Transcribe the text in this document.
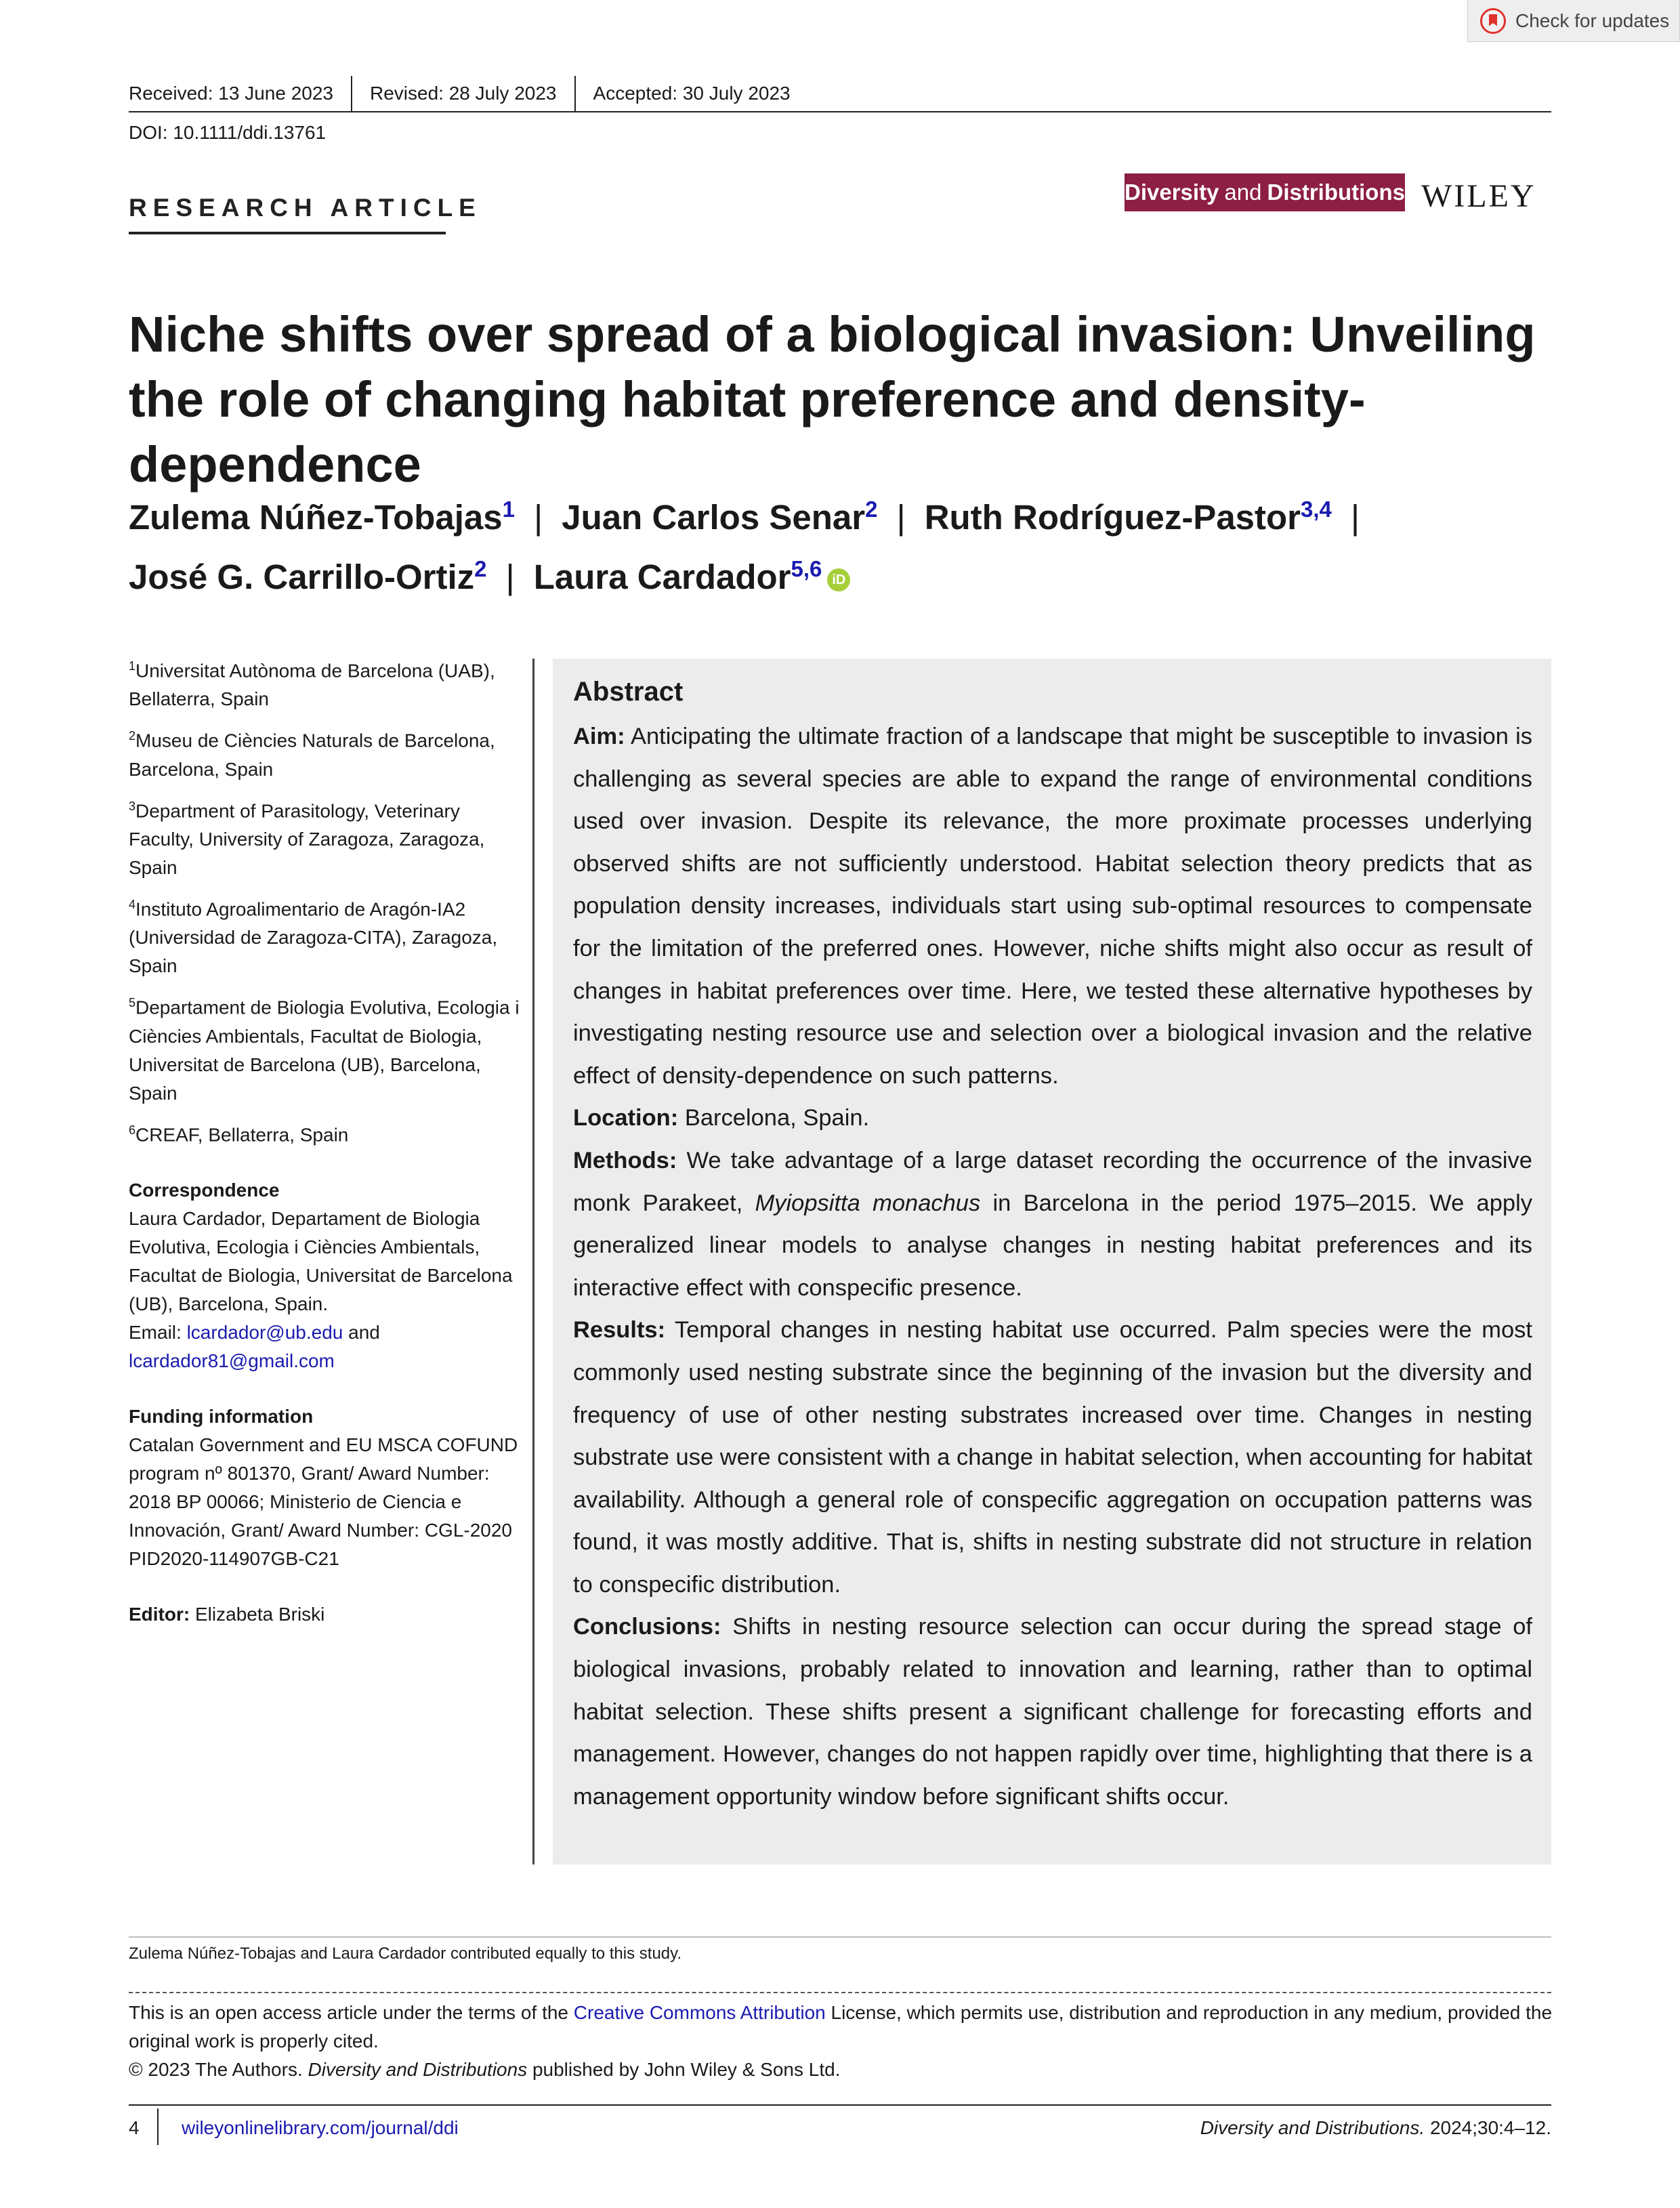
Check for updates
Received: 13 June 2023 Revised: 28 July 2023 Accepted: 30 July 2023
DOI: 10.1111/ddi.13761
RESEARCH ARTICLE
Diversity and Distributions WILEY
Niche shifts over spread of a biological invasion: Unveiling the role of changing habitat preference and density-dependence
Zulema Núñez-Tobajas$^1$ | Juan Carlos Senar$^2$ | Ruth Rodríguez-Pastor$^{3,4}$ |
José G. Carrillo-Ortiz$^2$ | Laura Cardador$^{5,6}$ iD

$^1$Universitat Autònoma de Barcelona (UAB), Bellaterra, Spain

$^2$Museu de Ciències Naturals de Barcelona, Barcelona, Spain

$^3$Department of Parasitology, Veterinary Faculty, University of Zaragoza, Zaragoza, Spain

$^4$Instituto Agroalimentario de Aragón-IA2 (Universidad de Zaragoza-CITA), Zaragoza, Spain

$^5$Departament de Biologia Evolutiva, Ecologia i Ciències Ambientals, Facultat de Biologia, Universitat de Barcelona (UB), Barcelona, Spain

$^6$CREAF, Bellaterra, Spain

Correspondence

Laura Cardador, Departament de Biologia Evolutiva, Ecologia i Ciències Ambientals, Facultat de Biologia, Universitat de Barcelona (UB), Barcelona, Spain.
Email: lcardador@ub.edu and
lcardador81@gmail.com

Funding information

Catalan Government and EU MSCA COFUND program nº 801370, Grant/ Award Number: 2018 BP 00066; Ministerio de Ciencia e Innovación, Grant/ Award Number: CGL-2020 PID2020-114907GB-C21

Editor: Elizabeta Briski

Abstract

Aim: Anticipating the ultimate fraction of a landscape that might be susceptible to invasion is challenging as several species are able to expand the range of environmental conditions used over invasion. Despite its relevance, the more proximate processes underlying observed shifts are not sufficiently understood. Habitat selection theory predicts that as population density increases, individuals start using sub-optimal resources to compensate for the limitation of the preferred ones. However, niche shifts might also occur as result of changes in habitat preferences over time. Here, we tested these alternative hypotheses by investigating nesting resource use and selection over a biological invasion and the relative effect of density-dependence on such patterns.

Location: Barcelona, Spain.

Methods: We take advantage of a large dataset recording the occurrence of the invasive monk Parakeet, Myiopsitta monachus in Barcelona in the period 1975–2015. We apply generalized linear models to analyse changes in nesting habitat preferences and its interactive effect with conspecific presence.

Results: Temporal changes in nesting habitat use occurred. Palm species were the most commonly used nesting substrate since the beginning of the invasion but the diversity and frequency of use of other nesting substrates increased over time. Changes in nesting substrate use were consistent with a change in habitat selection, when accounting for habitat availability. Although a general role of conspecific aggregation on occupation patterns was found, it was mostly additive. That is, shifts in nesting substrate did not structure in relation to conspecific distribution.

Conclusions: Shifts in nesting resource selection can occur during the spread stage of biological invasions, probably related to innovation and learning, rather than to optimal habitat selection. These shifts present a significant challenge for forecasting efforts and management. However, changes do not happen rapidly over time, highlighting that there is a management opportunity window before significant shifts occur.

Zulema Núñez-Tobajas and Laura Cardador contributed equally to this study.
This is an open access article under the terms of the Creative Commons Attribution License, which permits use, distribution and reproduction in any medium, provided the original work is properly cited.
© 2023 The Authors. Diversity and Distributions published by John Wiley & Sons Ltd.
4 wileyonlinelibrary.com/journal/ddi	Diversity and Distributions. 2024;30:4–12.
